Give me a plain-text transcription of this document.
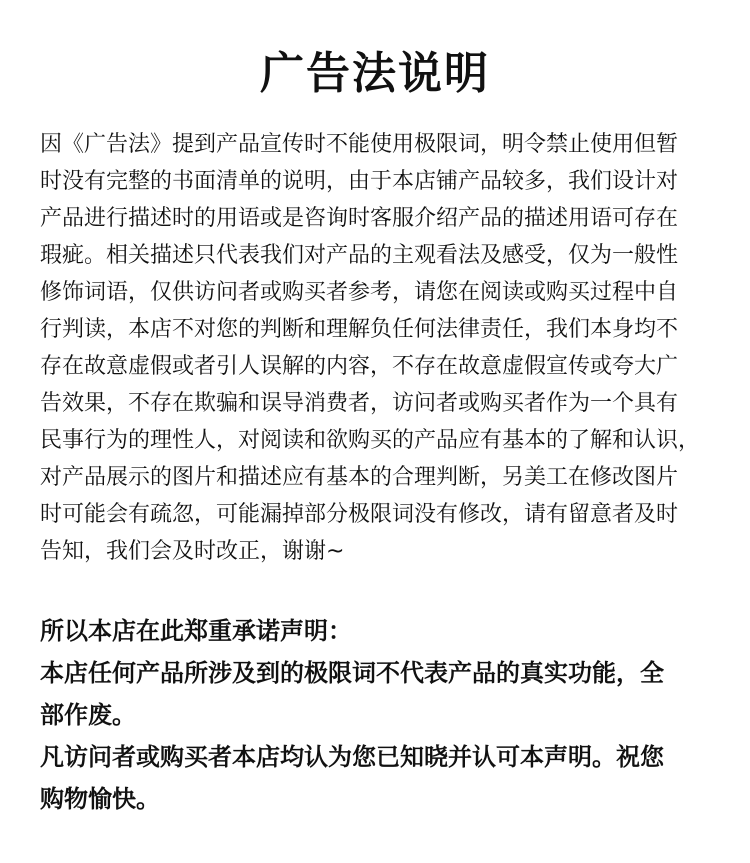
广告法说明
因《广告法》提到产品宣传时不能使用极限词，明令禁止使用但暂
时没有完整的书面清单的说明，由于本店铺产品较多，我们设计对
产品进行描述时的用语或是咨询时客服介绍产品的描述用语可存在
瑕疵。相关描述只代表我们对产品的主观看法及感受，仅为一般性
修饰词语，仅供访问者或购买者参考，请您在阅读或购买过程中自
行判读，本店不对您的判断和理解负任何法律责任，我们本身均不
存在故意虚假或者引人误解的内容，不存在故意虚假宣传或夸大广
告效果，不存在欺骗和误导消费者，访问者或购买者作为一个具有
民事行为的理性人，对阅读和欲购买的产品应有基本的了解和认识，
对产品展示的图片和描述应有基本的合理判断，另美工在修改图片
时可能会有疏忽，可能漏掉部分极限词没有修改，请有留意者及时
告知，我们会及时改正，谢谢~
所以本店在此郑重承诺声明：
本店任何产品所涉及到的极限词不代表产品的真实功能，全
部作废。
凡访问者或购买者本店均认为您已知晓并认可本声明。祝您
购物愉快。
